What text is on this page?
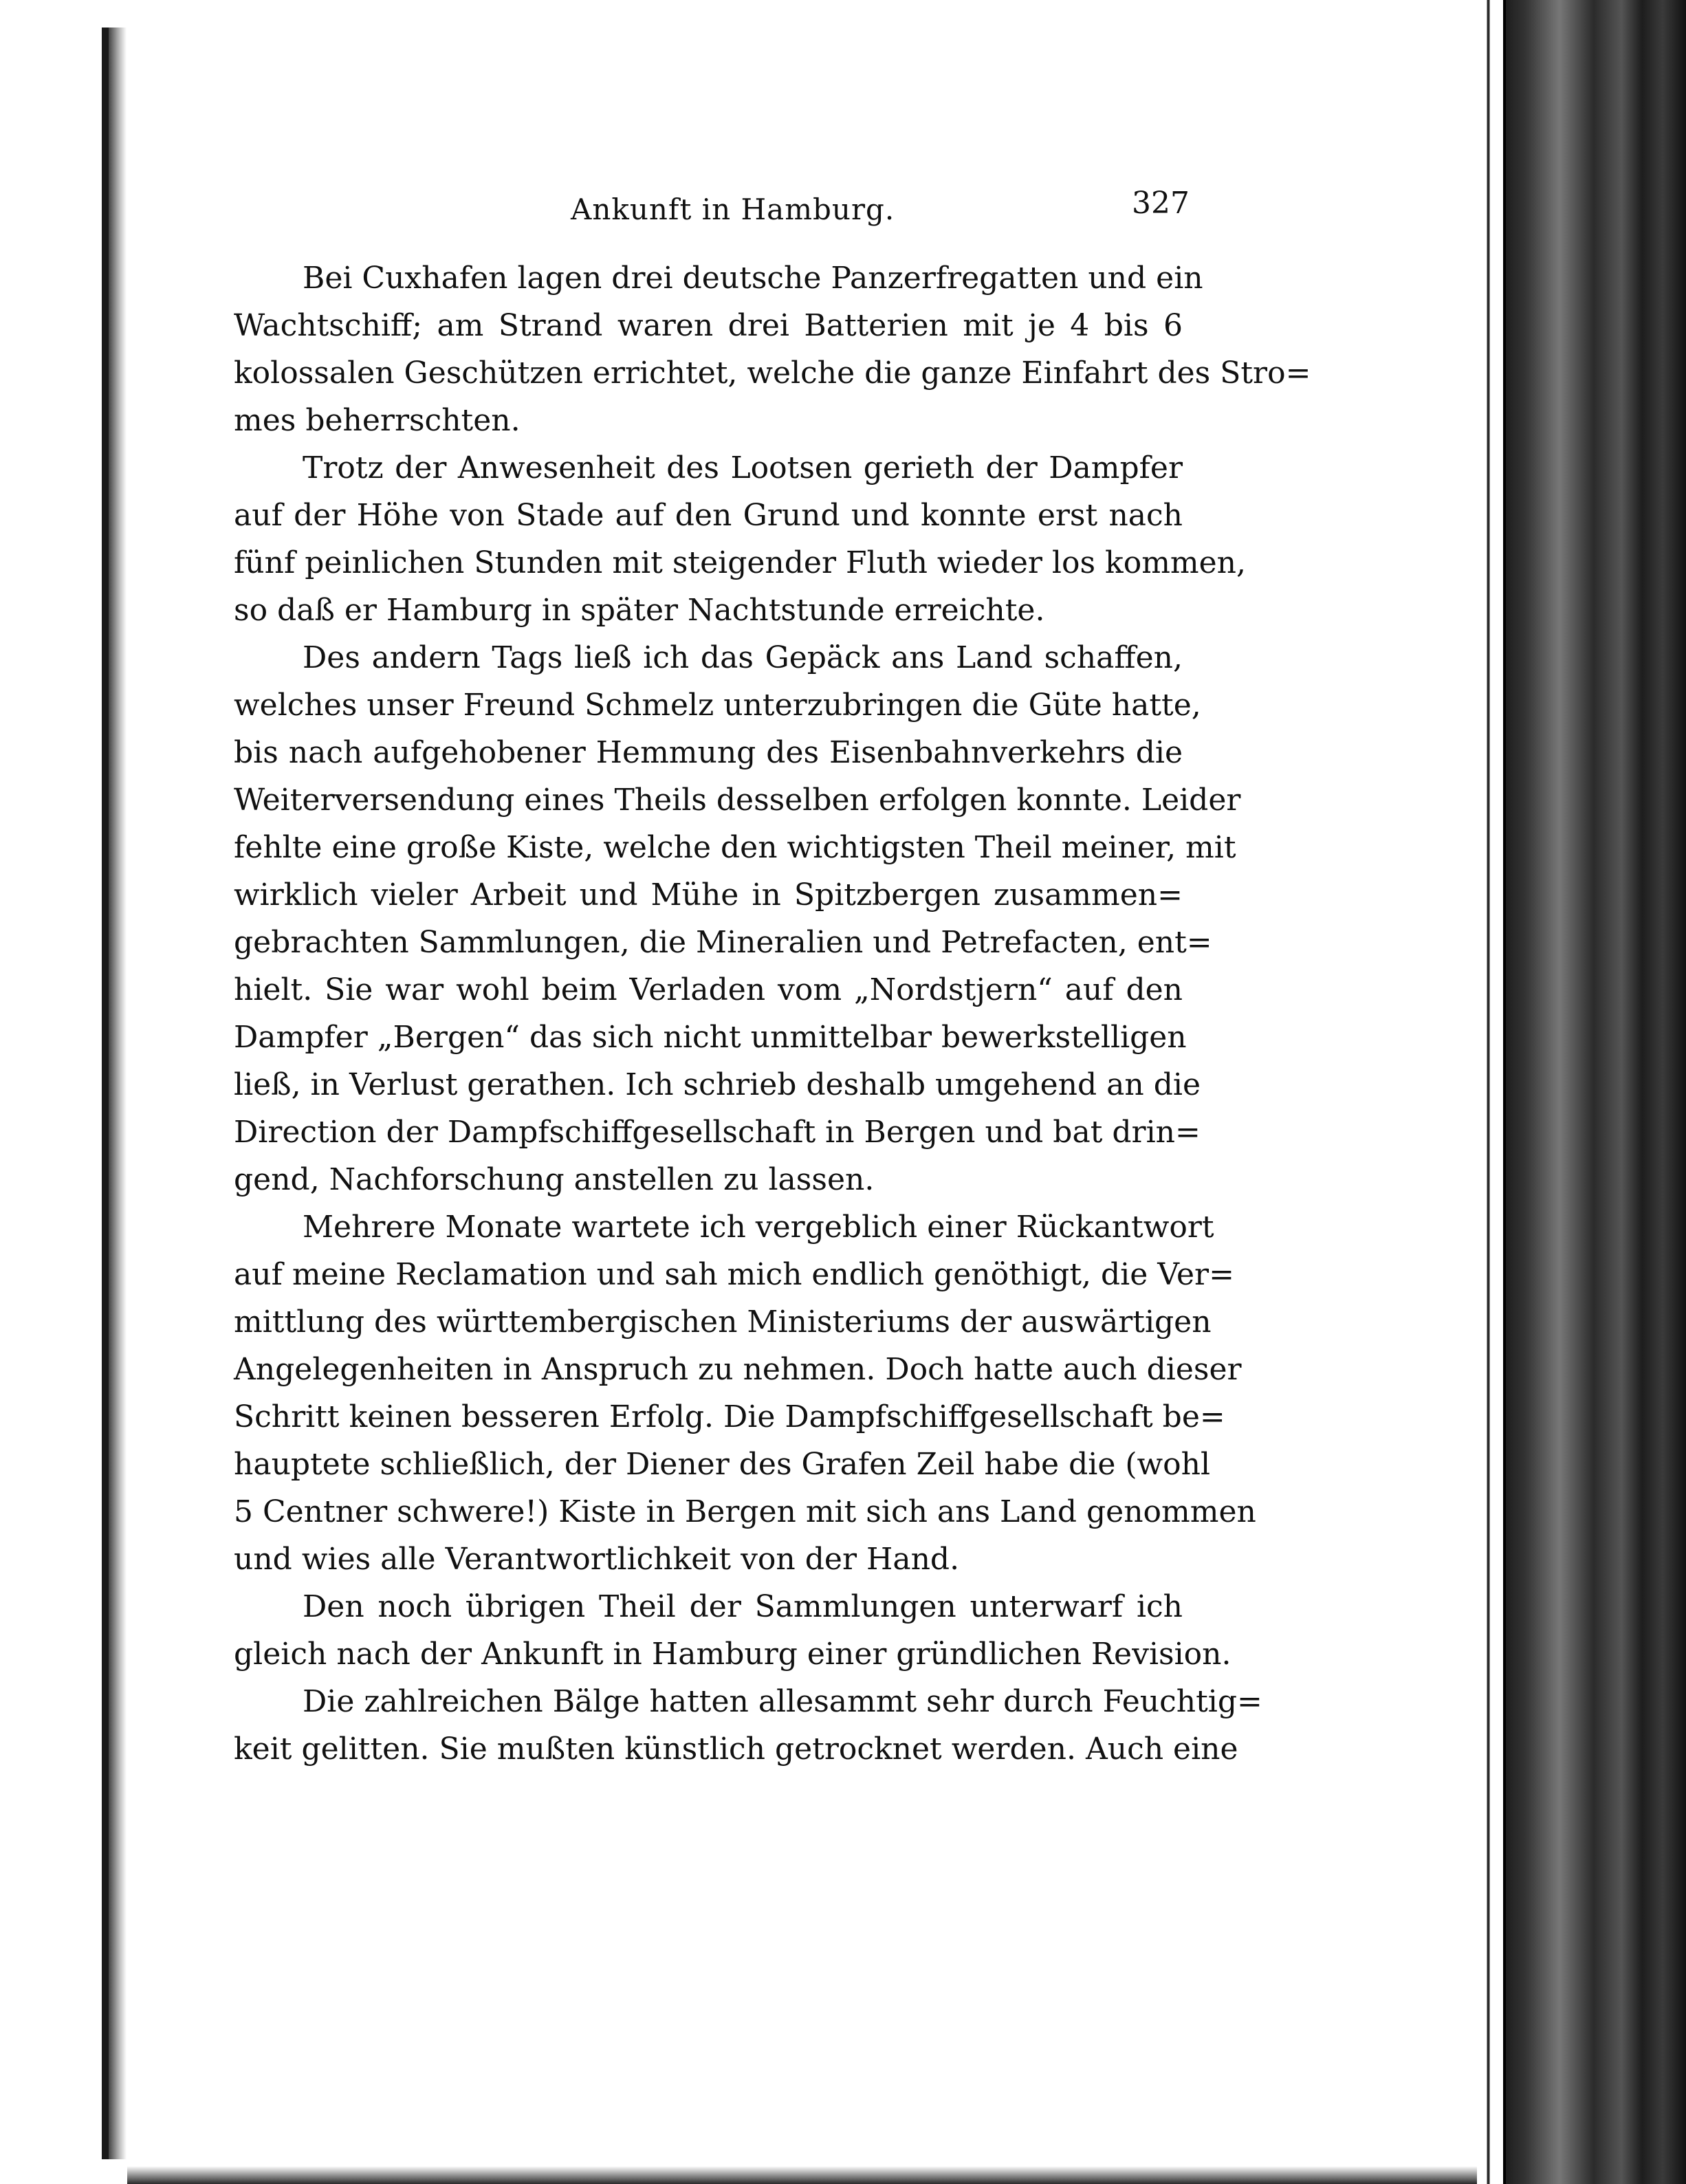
Ankunft in Hamburg.	327
Bei Cuxhafen lagen drei deutsche Panzerfregatten und ein
Wachtschiff; am Strand waren drei Batterien mit je 4 bis 6
kolossalen Geschützen errichtet, welche die ganze Einfahrt des Stro=
mes beherrschten.
Trotz der Anwesenheit des Lootsen gerieth der Dampfer
auf der Höhe von Stade auf den Grund und konnte erst nach
fünf peinlichen Stunden mit steigender Fluth wieder los kommen,
so daß er Hamburg in später Nachtstunde erreichte.
Des andern Tags ließ ich das Gepäck ans Land schaffen,
welches unser Freund Schmelz unterzubringen die Güte hatte,
bis nach aufgehobener Hemmung des Eisenbahnverkehrs die
Weiterversendung eines Theils desselben erfolgen konnte. Leider
fehlte eine große Kiste, welche den wichtigsten Theil meiner, mit
wirklich vieler Arbeit und Mühe in Spitzbergen zusammen=
gebrachten Sammlungen, die Mineralien und Petrefacten, ent=
hielt. Sie war wohl beim Verladen vom „Nordstjern“ auf den
Dampfer „Bergen“ das sich nicht unmittelbar bewerkstelligen
ließ, in Verlust gerathen. Ich schrieb deshalb umgehend an die
Direction der Dampfschiffgesellschaft in Bergen und bat drin=
gend, Nachforschung anstellen zu lassen.
Mehrere Monate wartete ich vergeblich einer Rückantwort
auf meine Reclamation und sah mich endlich genöthigt, die Ver=
mittlung des württembergischen Ministeriums der auswärtigen
Angelegenheiten in Anspruch zu nehmen. Doch hatte auch dieser
Schritt keinen besseren Erfolg. Die Dampfschiffgesellschaft be=
hauptete schließlich, der Diener des Grafen Zeil habe die (wohl
5 Centner schwere!) Kiste in Bergen mit sich ans Land genommen
und wies alle Verantwortlichkeit von der Hand.
Den noch übrigen Theil der Sammlungen unterwarf ich
gleich nach der Ankunft in Hamburg einer gründlichen Revision.
Die zahlreichen Bälge hatten allesammt sehr durch Feuchtig=
keit gelitten. Sie mußten künstlich getrocknet werden. Auch eine
